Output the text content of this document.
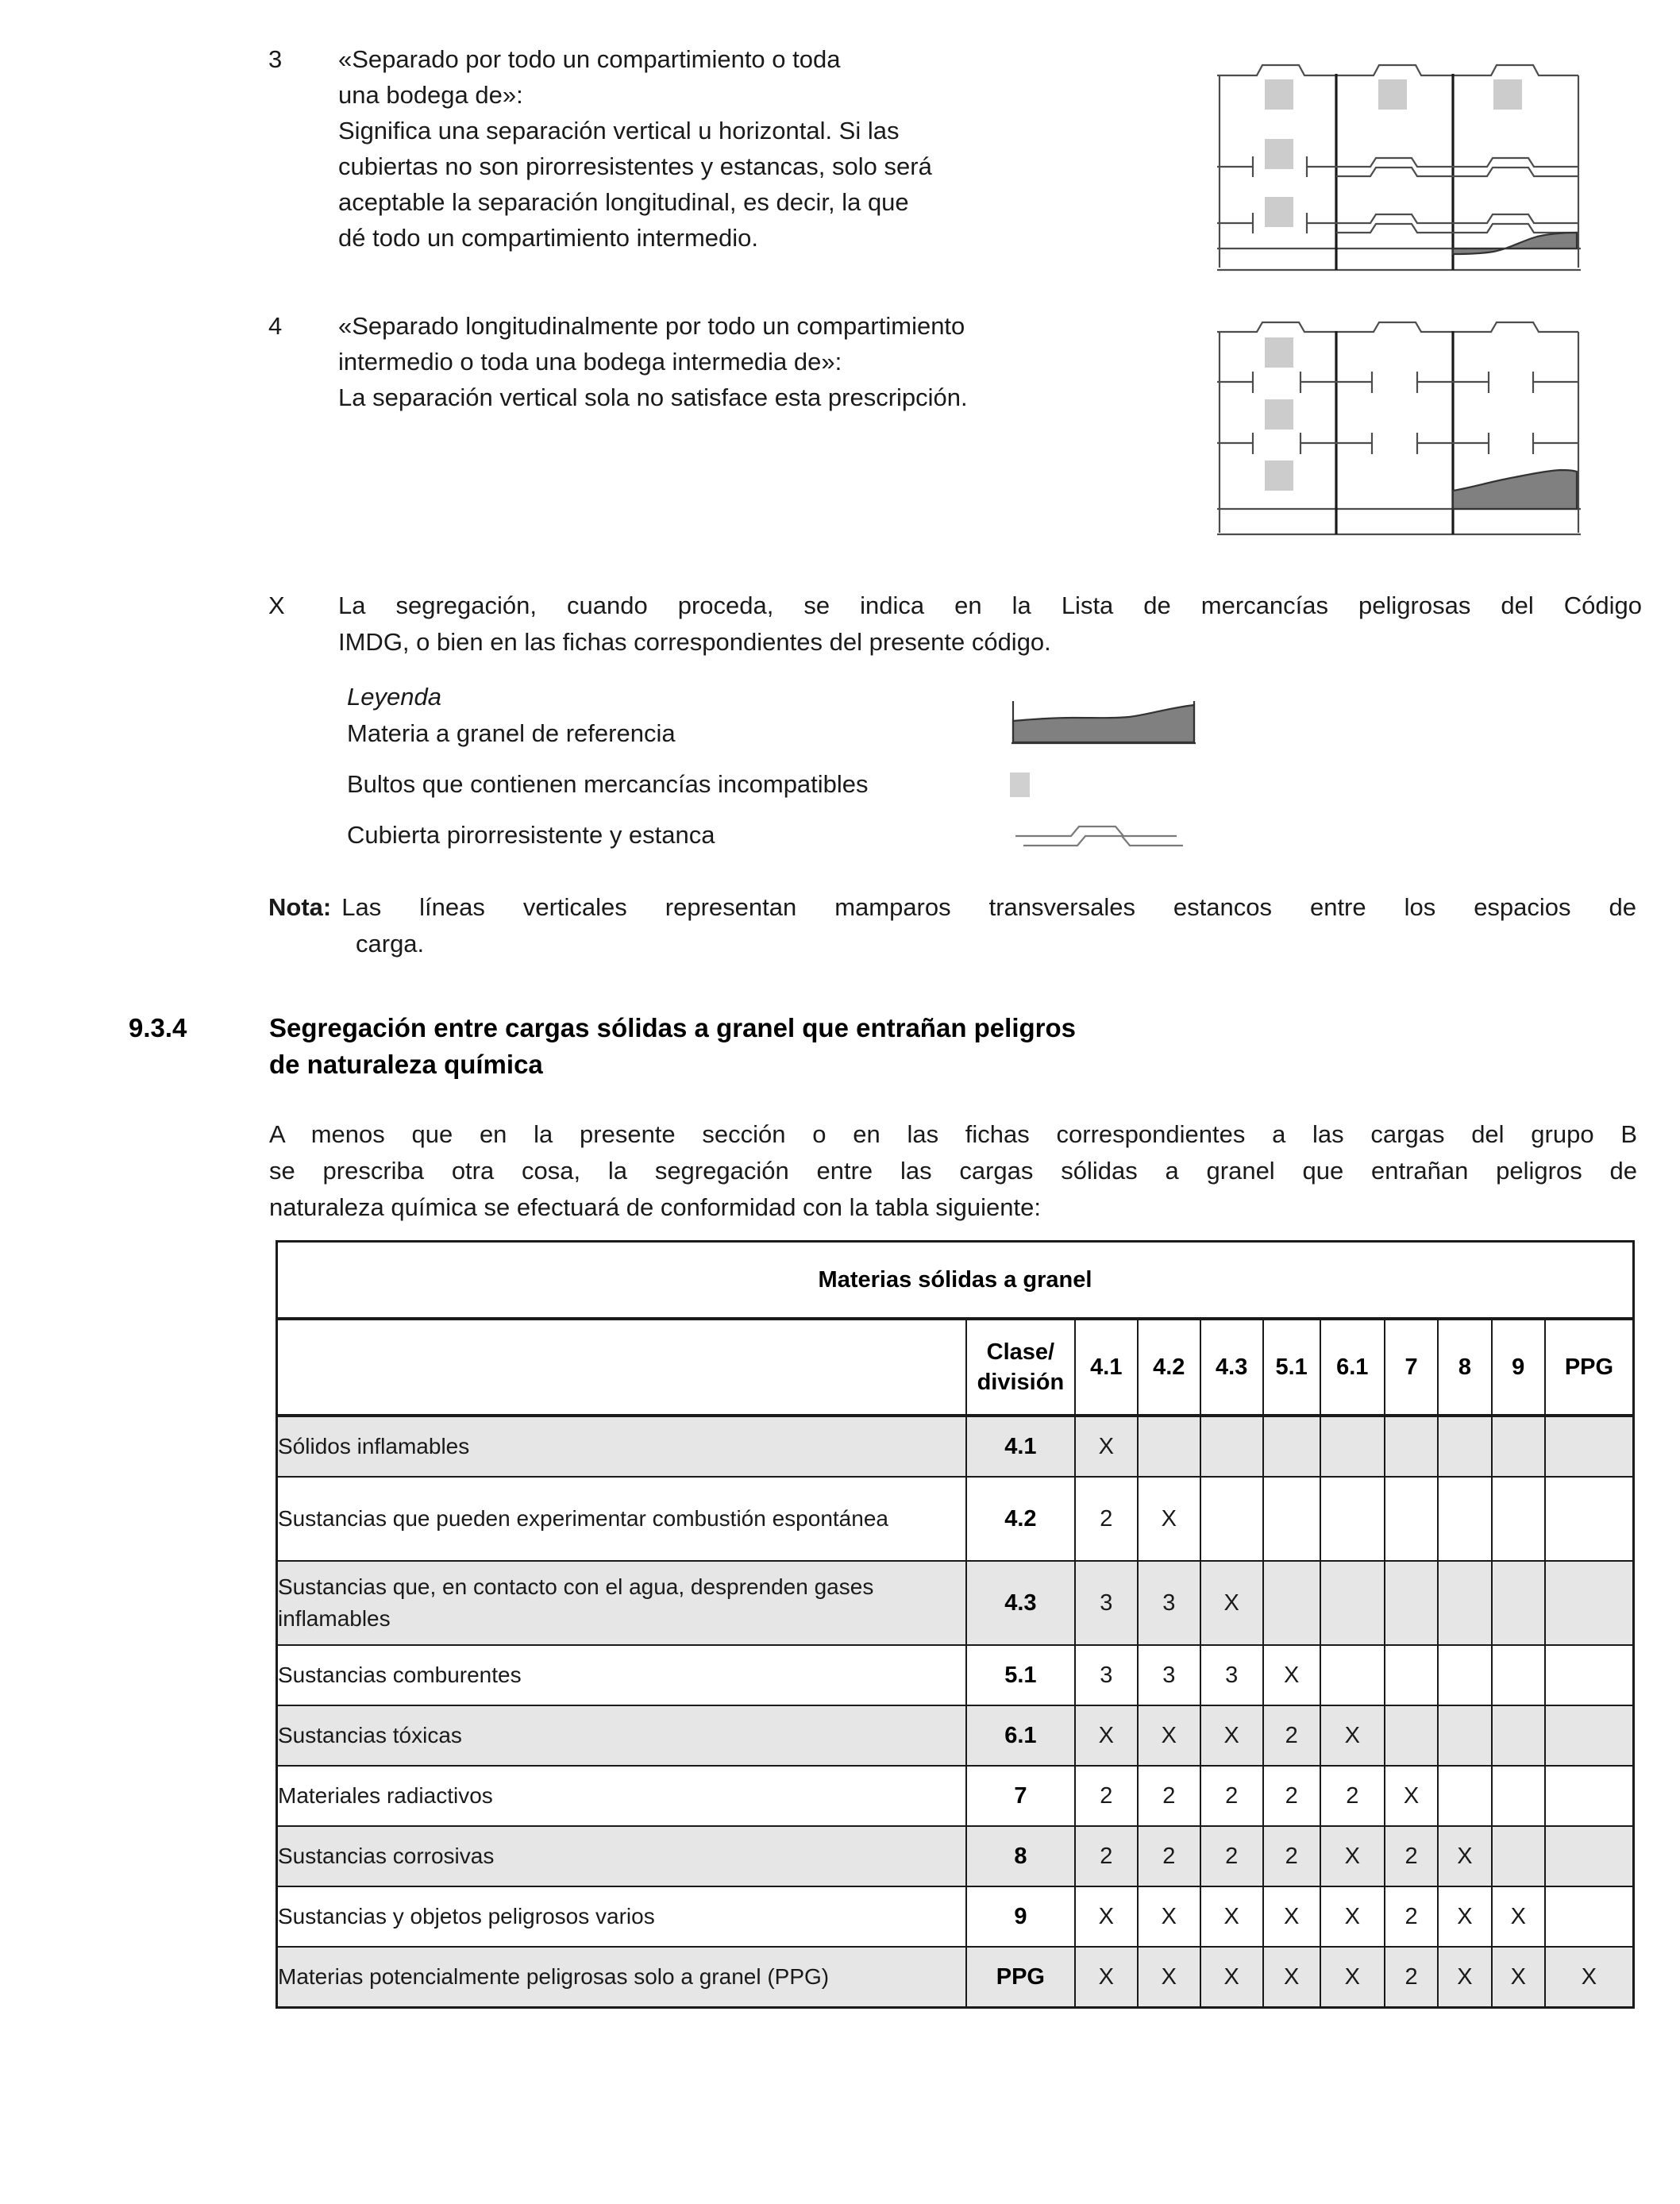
3	«Separado por todo un compartimiento o toda
una bodega de»:
Significa una separación vertical u horizontal. Si las
cubiertas no son pirorresistentes y estancas, solo será
aceptable la separación longitudinal, es decir, la que
dé todo un compartimiento intermedio.
4	«Separado longitudinalmente por todo un compartimiento
intermedio o toda una bodega intermedia de»:
La separación vertical sola no satisface esta prescripción.
X	La segregación, cuando proceda, se indica en la Lista de mercancías peligrosas del Código
IMDG, o bien en las fichas correspondientes del presente código.
Leyenda
Materia a granel de referencia
Bultos que contienen mercancías incompatibles
Cubierta pirorresistente y estanca
Nota: Las líneas verticales representan mamparos transversales estancos entre los espacios de
carga.
9.3.4	Segregación entre cargas sólidas a granel que entrañan peligros
de naturaleza química
A menos que en la presente sección o en las fichas correspondientes a las cargas del grupo B
se prescriba otra cosa, la segregación entre las cargas sólidas a granel que entrañan peligros de
naturaleza química se efectuará de conformidad con la tabla siguiente:
Materias sólidas a granel										

	Clase/
división	4.1	4.2	4.3	5.1	6.1	7	8	9	PPG
Sólidos inflamables	4.1	X								
Sustancias que pueden experimentar combustión espontánea	4.2	2	X							
Sustancias que, en contacto con el agua, desprenden gases inflamables	4.3	3	3	X						
Sustancias comburentes	5.1	3	3	3	X					
Sustancias tóxicas	6.1	X	X	X	2	X				
Materiales radiactivos	7	2	2	2	2	2	X			
Sustancias corrosivas	8	2	2	2	2	X	2	X		
Sustancias y objetos peligrosos varios	9	X	X	X	X	X	2	X	X	
Materias potencialmente peligrosas solo a granel (PPG)	PPG	X	X	X	X	X	2	X	X	X
